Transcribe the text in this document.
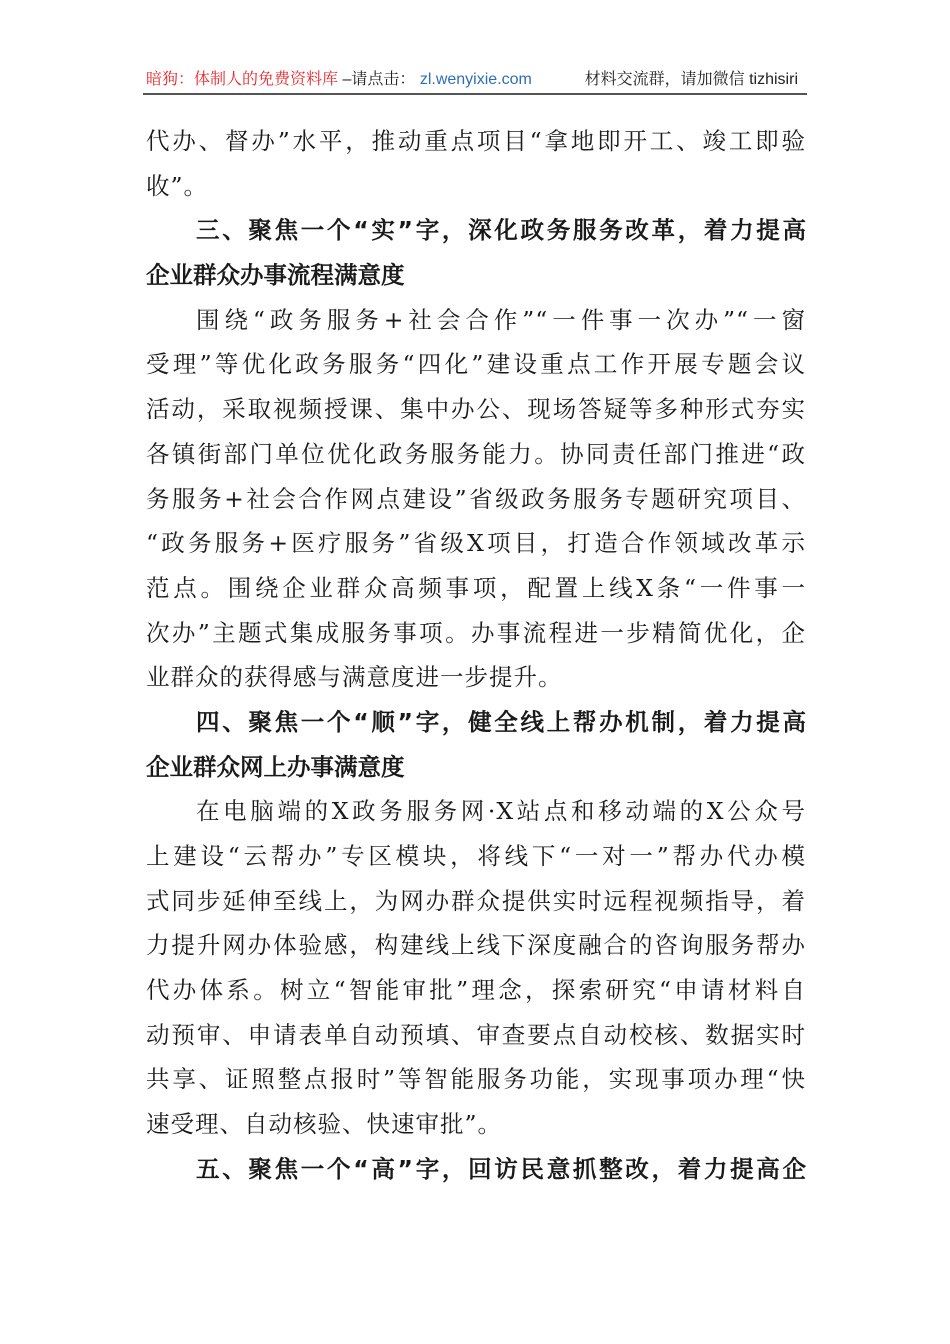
暗狗：体制人的免费资料库 –请点击： zl.wenyixie.com	材料交流群，请加微信 tizhisiri
代办、督办”水平，推动重点项目“拿地即开工、竣工即验
收”。
三、聚焦一个“实”字，深化政务服务改革，着力提高
企业群众办事流程满意度
围绕“政务服务+社会合作”“一件事一次办”“一窗
受理”等优化政务服务“四化”建设重点工作开展专题会议
活动，采取视频授课、集中办公、现场答疑等多种形式夯实
各镇街部门单位优化政务服务能力。协同责任部门推进“政
务服务+社会合作网点建设”省级政务服务专题研究项目、
“政务服务+医疗服务”省级X项目，打造合作领域改革示
范点。围绕企业群众高频事项，配置上线X条“一件事一
次办”主题式集成服务事项。办事流程进一步精简优化，企
业群众的获得感与满意度进一步提升。
四、聚焦一个“顺”字，健全线上帮办机制，着力提高
企业群众网上办事满意度
在电脑端的X政务服务网·X站点和移动端的X公众号
上建设“云帮办”专区模块，将线下“一对一”帮办代办模
式同步延伸至线上，为网办群众提供实时远程视频指导，着
力提升网办体验感，构建线上线下深度融合的咨询服务帮办
代办体系。树立“智能审批”理念，探索研究“申请材料自
动预审、申请表单自动预填、审查要点自动校核、数据实时
共享、证照整点报时”等智能服务功能，实现事项办理“快
速受理、自动核验、快速审批”。
五、聚焦一个“高”字，回访民意抓整改，着力提高企
